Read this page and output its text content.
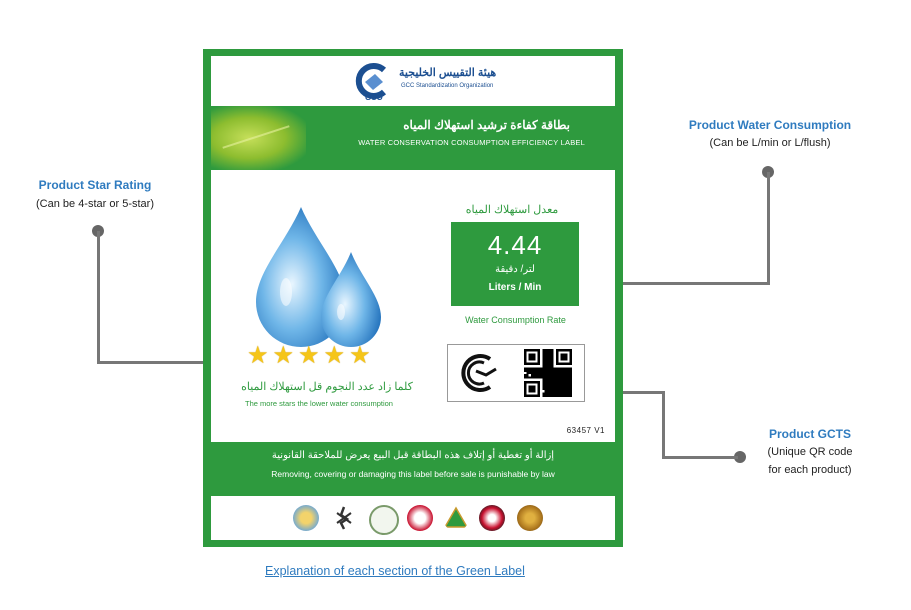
Product Star Rating
(Can be 4-star or 5-star)
Product Water Consumption
(Can be L/min or L/flush)
Product GCTS
(Unique QR code
for each product)
GSO
هيئة التقييس الخليجية
GCC Standardization Organization
بطاقة كفاءة ترشيد استهلاك المياه
WATER CONSERVATION CONSUMPTION EFFICIENCY LABEL
★ ★ ★ ★ ★
كلما زاد عدد النجوم قل استهلاك المياه
The more stars the lower water consumption
معدل استهلاك المياه
4.44
لتر/ دقيقة
Liters / Min
Water Consumption Rate
63457 V1
إزالة أو تغطية أو إتلاف هذه البطاقة قبل البيع يعرض للملاحقة القانونية
Removing, covering or damaging this label before sale is punishable by law
Explanation of each section of the Green Label
